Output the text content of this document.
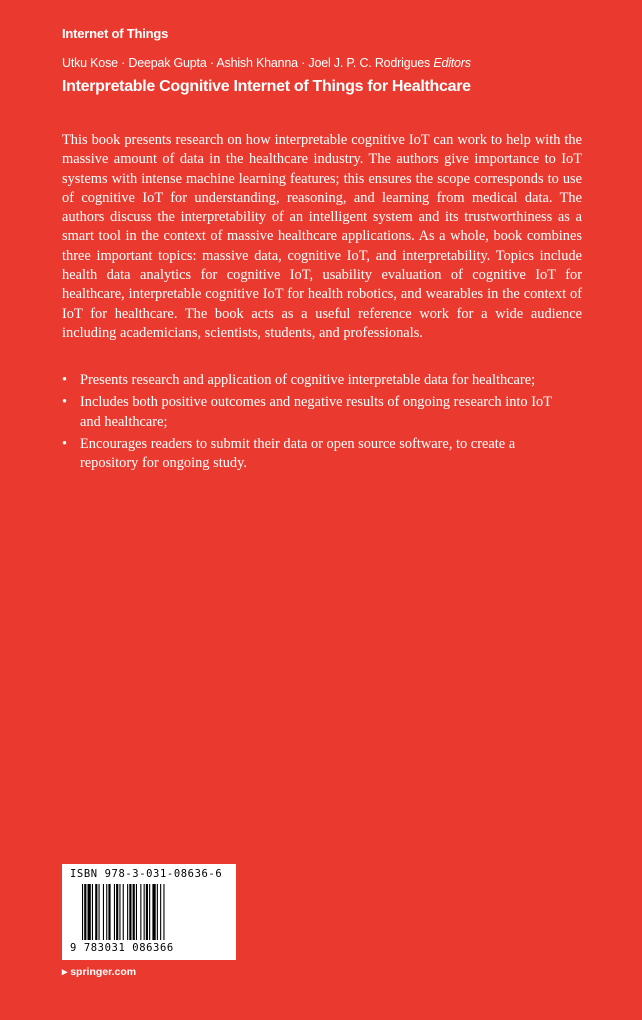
Internet of Things
Utku Kose · Deepak Gupta · Ashish Khanna · Joel J. P. C. Rodrigues Editors
Interpretable Cognitive Internet of Things for Healthcare

This book presents research on how interpretable cognitive IoT can work to help with the massive amount of data in the healthcare industry. The authors give importance to IoT systems with intense machine learning features; this ensures the scope corresponds to use of cognitive IoT for understanding, reasoning, and learning from medical data. The authors discuss the interpretability of an intelligent system and its trustworthiness as a smart tool in the context of massive healthcare applications. As a whole, book combines three important topics: massive data, cognitive IoT, and interpretability. Topics include health data analytics for cognitive IoT, usability evaluation of cognitive IoT for healthcare, interpretable cognitive IoT for health robotics, and wearables in the context of IoT for healthcare. The book acts as a useful reference work for a wide audience including academicians, scientists, students, and professionals.

• Presents research and application of cognitive interpretable data for healthcare;
• Includes both positive outcomes and negative results of ongoing research into IoT and healthcare;
• Encourages readers to submit their data or open source software, to create a repository for ongoing study.
ISBN 978-3-031-08636-6
9 783031 086366
▸ springer.com
